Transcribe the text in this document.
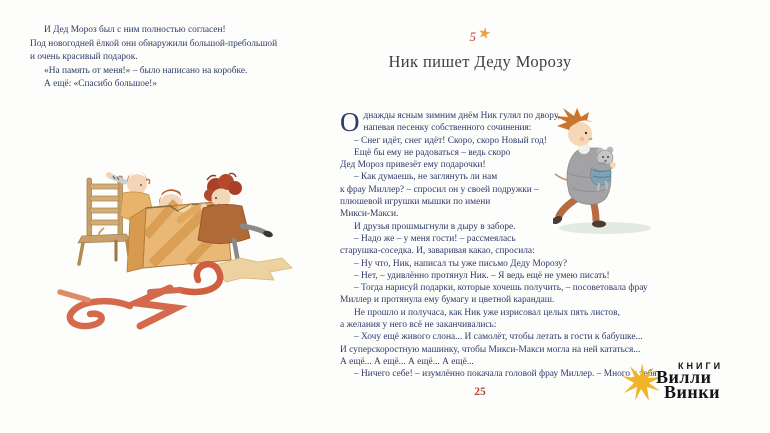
И Дед Мороз был с ним полностью согласен!
Под новогодней ёлкой они обнаружили большой-пребольшой
и очень красивый подарок.
«На память от меня!» – было написано на коробке.
А ещё: «Спасибо большое!»
5★
Ник пишет Деду Морозу
О днажды ясным зимним днём Ник гулял по двору,
напевая песенку собственного сочинения:
– Снег идёт, снег идёт! Скоро, скоро Новый год!
Ещё бы ему не радоваться – ведь скоро
Дед Мороз привезёт ему подарочки!
– Как думаешь, не заглянуть ли нам
к фрау Миллер? – спросил он у своей подружки –
плюшевой игрушки мышки по имени
Микси-Макси.
И друзья прошмыгнули в дыру в заборе.
– Надо же – у меня гости! – рассмеялась
старушка-соседка. И, заваривая какао, спросила:
– Ну что, Ник, написал ты уже письмо Деду Морозу?
– Нет, – удивлённо протянул Ник. – Я ведь ещё не умею писать!
– Тогда нарисуй подарки, которые хочешь получить, – посоветовала фрау
Миллер и протянула ему бумагу и цветной карандаш.
Не прошло и получаса, как Ник уже изрисовал целых пять листов,
а желания у него всё не заканчивались:
– Хочу ещё живого слона... И самолёт, чтобы летать в гости к бабушке...
И суперскоростную машинку, чтобы Микси-Макси могла на ней кататься...
А ещё... А ещё... А ещё... А ещё...
– Ничего себе! – изумлённо покачала головой фрау Миллер. – Много у тебя
25
КНИГИ
Вилли
Винки
